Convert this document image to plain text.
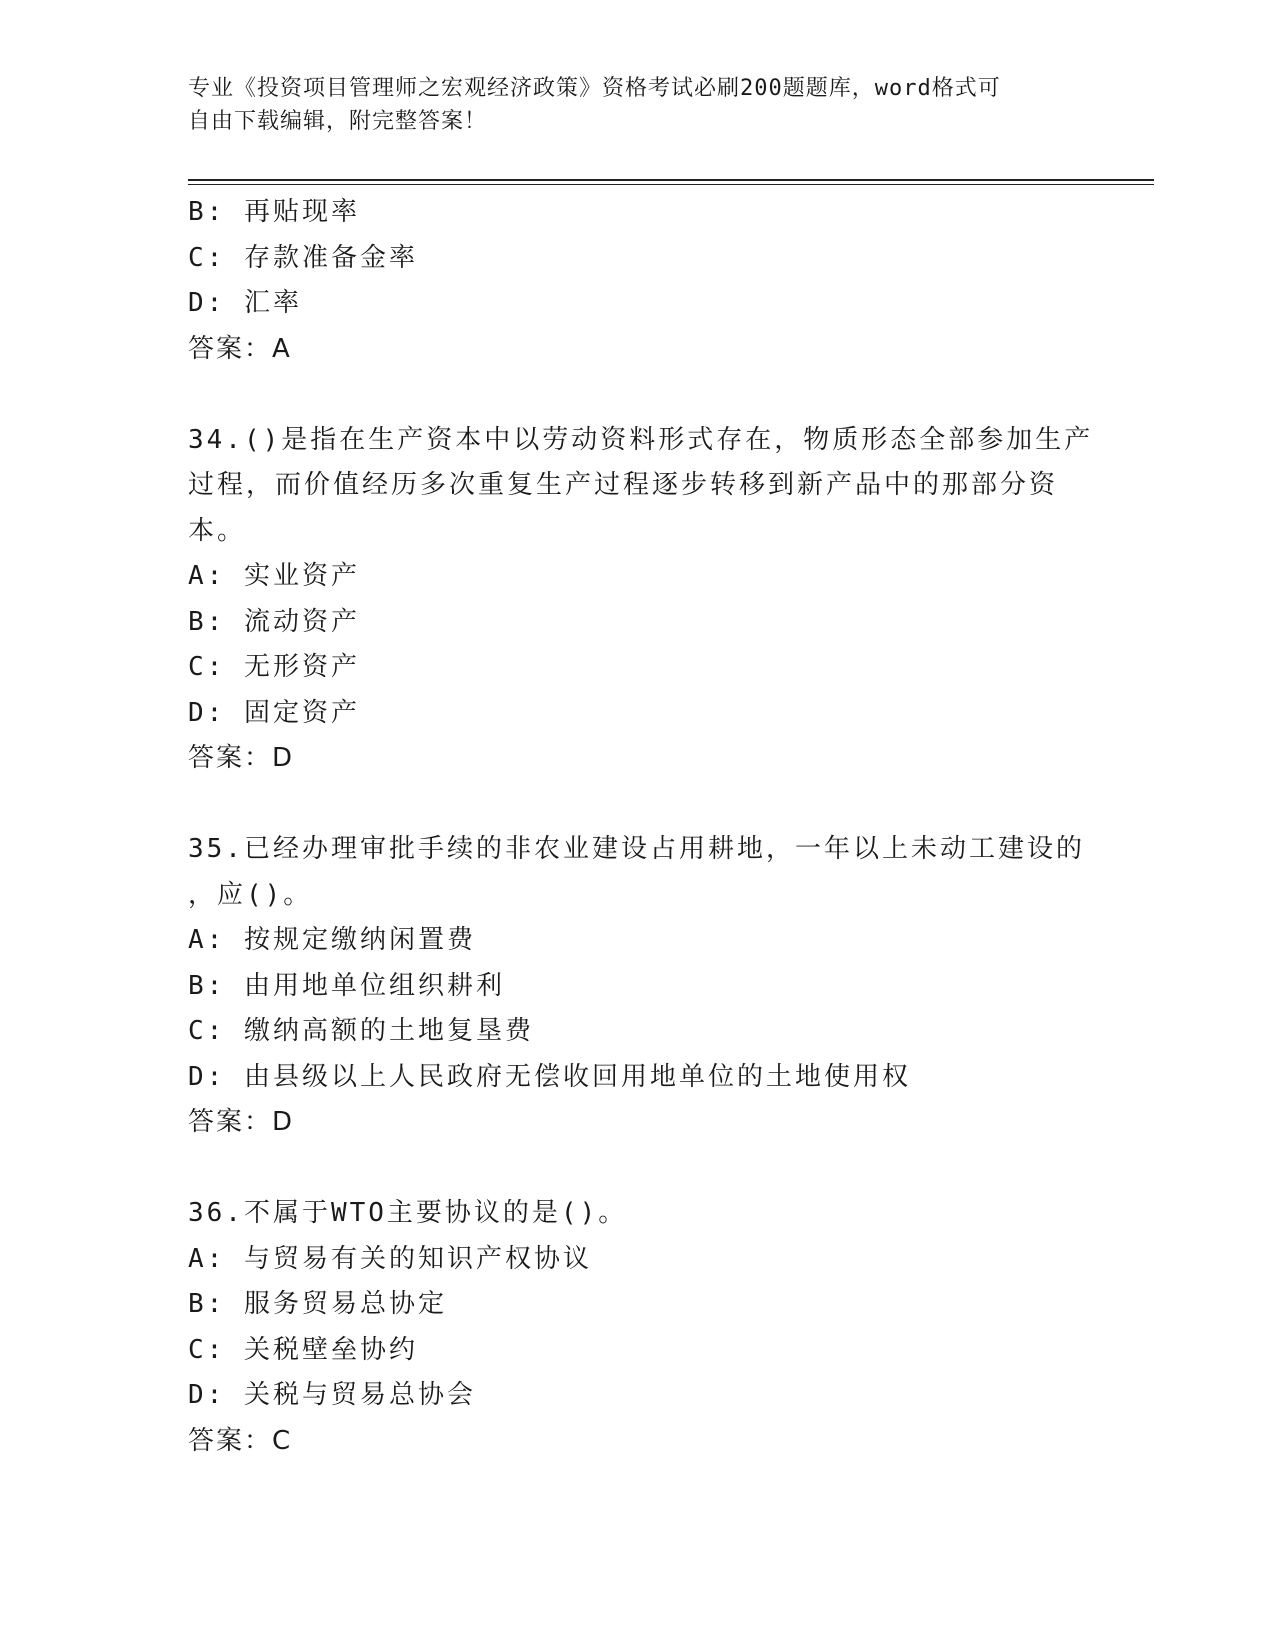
专业《投资项目管理师之宏观经济政策》资格考试必刷200题题库，word格式可
自由下载编辑，附完整答案！
B: 再贴现率
C: 存款准备金率
D: 汇率
答案：A
34.()是指在生产资本中以劳动资料形式存在，物质形态全部参加生产
过程，而价值经历多次重复生产过程逐步转移到新产品中的那部分资
本。
A: 实业资产
B: 流动资产
C: 无形资产
D: 固定资产
答案：D
35.已经办理审批手续的非农业建设占用耕地，一年以上未动工建设的
，应()。
A: 按规定缴纳闲置费
B: 由用地单位组织耕利
C: 缴纳高额的土地复垦费
D: 由县级以上人民政府无偿收回用地单位的土地使用权
答案：D
36.不属于WTO主要协议的是()。
A: 与贸易有关的知识产权协议
B: 服务贸易总协定
C: 关税壁垒协约
D: 关税与贸易总协会
答案：C
